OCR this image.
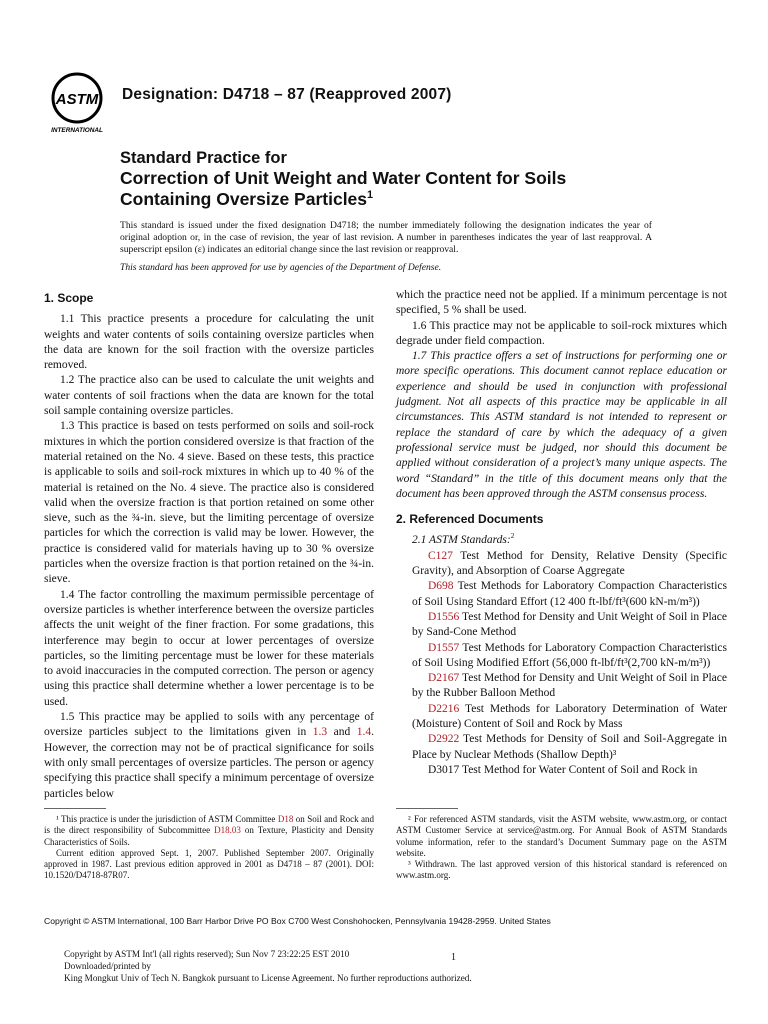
ASTM
INTERNATIONAL
Designation: D4718 – 87 (Reapproved 2007)
Standard Practice for
Correction of Unit Weight and Water Content for Soils
Containing Oversize Particles$^1$
This standard is issued under the fixed designation D4718; the number immediately following the designation indicates the year of original adoption or, in the case of revision, the year of last revision. A number in parentheses indicates the year of last reapproval. A superscript epsilon (ε) indicates an editorial change since the last revision or reapproval.
This standard has been approved for use by agencies of the Department of Defense.

1. Scope

1.1 This practice presents a procedure for calculating the unit weights and water contents of soils containing oversize particles when the data are known for the soil fraction with the oversize particles removed.

1.2 The practice also can be used to calculate the unit weights and water contents of soil fractions when the data are known for the total soil sample containing oversize particles.

1.3 This practice is based on tests performed on soils and soil-rock mixtures in which the portion considered oversize is that fraction of the material retained on the No. 4 sieve. Based on these tests, this practice is applicable to soils and soil-rock mixtures in which up to 40 % of the material is retained on the No. 4 sieve. The practice also is considered valid when the oversize fraction is that portion retained on some other sieve, such as the ¾-in. sieve, but the limiting percentage of oversize particles for which the correction is valid may be lower. However, the practice is considered valid for materials having up to 30 % oversize particles when the oversize fraction is that portion retained on the ¾-in. sieve.

1.4 The factor controlling the maximum permissible percentage of oversize particles is whether interference between the oversize particles affects the unit weight of the finer fraction. For some gradations, this interference may begin to occur at lower percentages of oversize particles, so the limiting percentage must be lower for these materials to avoid inaccuracies in the computed correction. The person or agency using this practice shall determine whether a lower percentage is to be used.

1.5 This practice may be applied to soils with any percentage of oversize particles subject to the limitations given in 1.3 and 1.4. However, the correction may not be of practical significance for soils with only small percentages of oversize particles. The person or agency specifying this practice shall specify a minimum percentage of oversize particles below

which the practice need not be applied. If a minimum percentage is not specified, 5 % shall be used.

1.6 This practice may not be applicable to soil-rock mixtures which degrade under field compaction.

1.7 This practice offers a set of instructions for performing one or more specific operations. This document cannot replace education or experience and should be used in conjunction with professional judgment. Not all aspects of this practice may be applicable in all circumstances. This ASTM standard is not intended to represent or replace the standard of care by which the adequacy of a given professional service must be judged, nor should this document be applied without consideration of a project’s many unique aspects. The word “Standard” in the title of this document means only that the document has been approved through the ASTM consensus process.

2. Referenced Documents

2.1 ASTM Standards:$^2$

C127 Test Method for Density, Relative Density (Specific Gravity), and Absorption of Coarse Aggregate

D698 Test Methods for Laboratory Compaction Characteristics of Soil Using Standard Effort (12 400 ft-lbf/ft³(600 kN-m/m³))

D1556 Test Method for Density and Unit Weight of Soil in Place by Sand-Cone Method

D1557 Test Methods for Laboratory Compaction Characteristics of Soil Using Modified Effort (56,000 ft-lbf/ft³(2,700 kN-m/m³))

D2167 Test Method for Density and Unit Weight of Soil in Place by the Rubber Balloon Method

D2216 Test Methods for Laboratory Determination of Water (Moisture) Content of Soil and Rock by Mass

D2922 Test Methods for Density of Soil and Soil-Aggregate in Place by Nuclear Methods (Shallow Depth)³

D3017 Test Method for Water Content of Soil and Rock in

¹ This practice is under the jurisdiction of ASTM Committee D18 on Soil and Rock and is the direct responsibility of Subcommittee D18.03 on Texture, Plasticity and Density Characteristics of Soils.

Current edition approved Sept. 1, 2007. Published September 2007. Originally approved in 1987. Last previous edition approved in 2001 as D4718 – 87 (2001). DOI: 10.1520/D4718-87R07.

² For referenced ASTM standards, visit the ASTM website, www.astm.org, or contact ASTM Customer Service at service@astm.org. For Annual Book of ASTM Standards volume information, refer to the standard’s Document Summary page on the ASTM website.

³ Withdrawn. The last approved version of this historical standard is referenced on www.astm.org.

Copyright © ASTM International, 100 Barr Harbor Drive PO Box C700 West Conshohocken, Pennsylvania 19428-2959. United States
Copyright by ASTM Int'l (all rights reserved); Sun Nov 7 23:22:25 EST 2010
Downloaded/printed by
King Mongkut Univ of Tech N. Bangkok pursuant to License Agreement. No further reproductions authorized.
1
